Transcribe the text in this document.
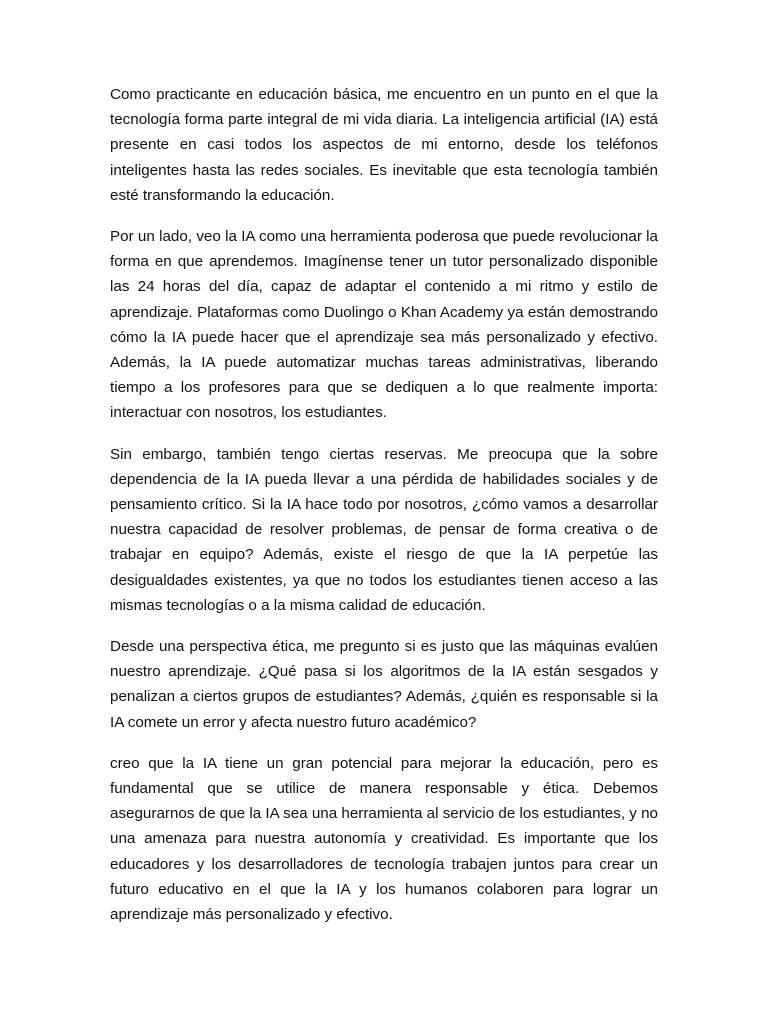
Como practicante en educación básica, me encuentro en un punto en el que la tecnología forma parte integral de mi vida diaria. La inteligencia artificial (IA) está presente en casi todos los aspectos de mi entorno, desde los teléfonos inteligentes hasta las redes sociales. Es inevitable que esta tecnología también esté transformando la educación.

Por un lado, veo la IA como una herramienta poderosa que puede revolucionar la forma en que aprendemos. Imagínense tener un tutor personalizado disponible las 24 horas del día, capaz de adaptar el contenido a mi ritmo y estilo de aprendizaje. Plataformas como Duolingo o Khan Academy ya están demostrando cómo la IA puede hacer que el aprendizaje sea más personalizado y efectivo. Además, la IA puede automatizar muchas tareas administrativas, liberando tiempo a los profesores para que se dediquen a lo que realmente importa: interactuar con nosotros, los estudiantes.

Sin embargo, también tengo ciertas reservas. Me preocupa que la sobre dependencia de la IA pueda llevar a una pérdida de habilidades sociales y de pensamiento crítico. Si la IA hace todo por nosotros, ¿cómo vamos a desarrollar nuestra capacidad de resolver problemas, de pensar de forma creativa o de trabajar en equipo? Además, existe el riesgo de que la IA perpetúe las desigualdades existentes, ya que no todos los estudiantes tienen acceso a las mismas tecnologías o a la misma calidad de educación.

Desde una perspectiva ética, me pregunto si es justo que las máquinas evalúen nuestro aprendizaje. ¿Qué pasa si los algoritmos de la IA están sesgados y penalizan a ciertos grupos de estudiantes? Además, ¿quién es responsable si la IA comete un error y afecta nuestro futuro académico?

creo que la IA tiene un gran potencial para mejorar la educación, pero es fundamental que se utilice de manera responsable y ética. Debemos asegurarnos de que la IA sea una herramienta al servicio de los estudiantes, y no una amenaza para nuestra autonomía y creatividad. Es importante que los educadores y los desarrolladores de tecnología trabajen juntos para crear un futuro educativo en el que la IA y los humanos colaboren para lograr un aprendizaje más personalizado y efectivo.
